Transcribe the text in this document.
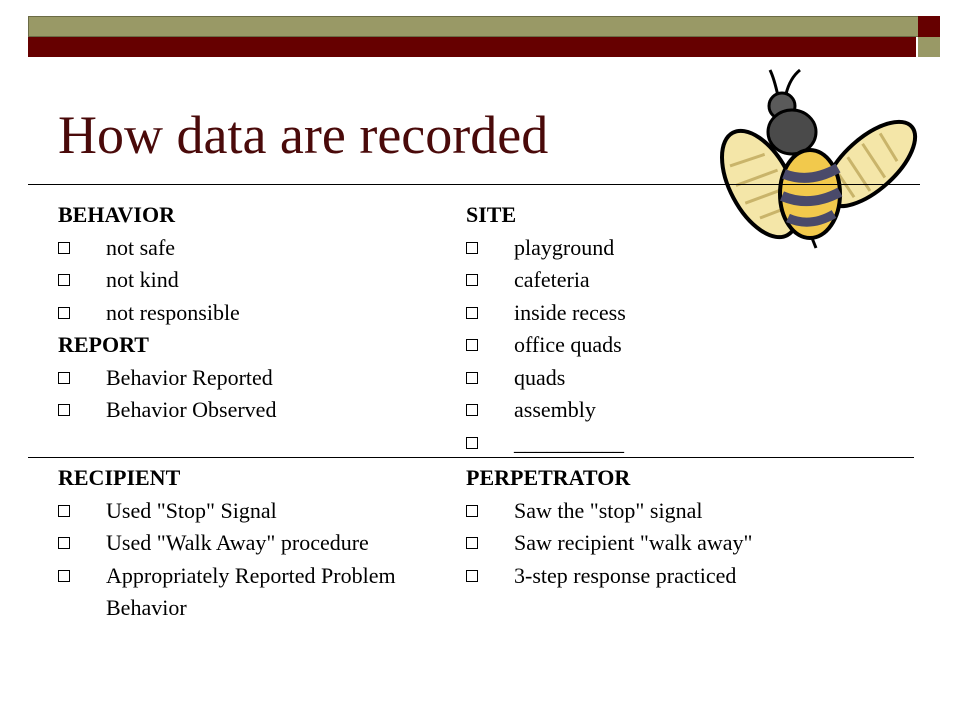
How data are recorded
BEHAVIOR
not safe
not kind
not responsible
REPORT
Behavior Reported
Behavior Observed
SITE
playground
cafeteria
inside recess
office quads
quads
assembly
__________
RECIPIENT
Used "Stop" Signal
Used "Walk Away" procedure
Appropriately Reported Problem Behavior
PERPETRATOR
Saw the "stop" signal
Saw recipient "walk away"
3-step response practiced
